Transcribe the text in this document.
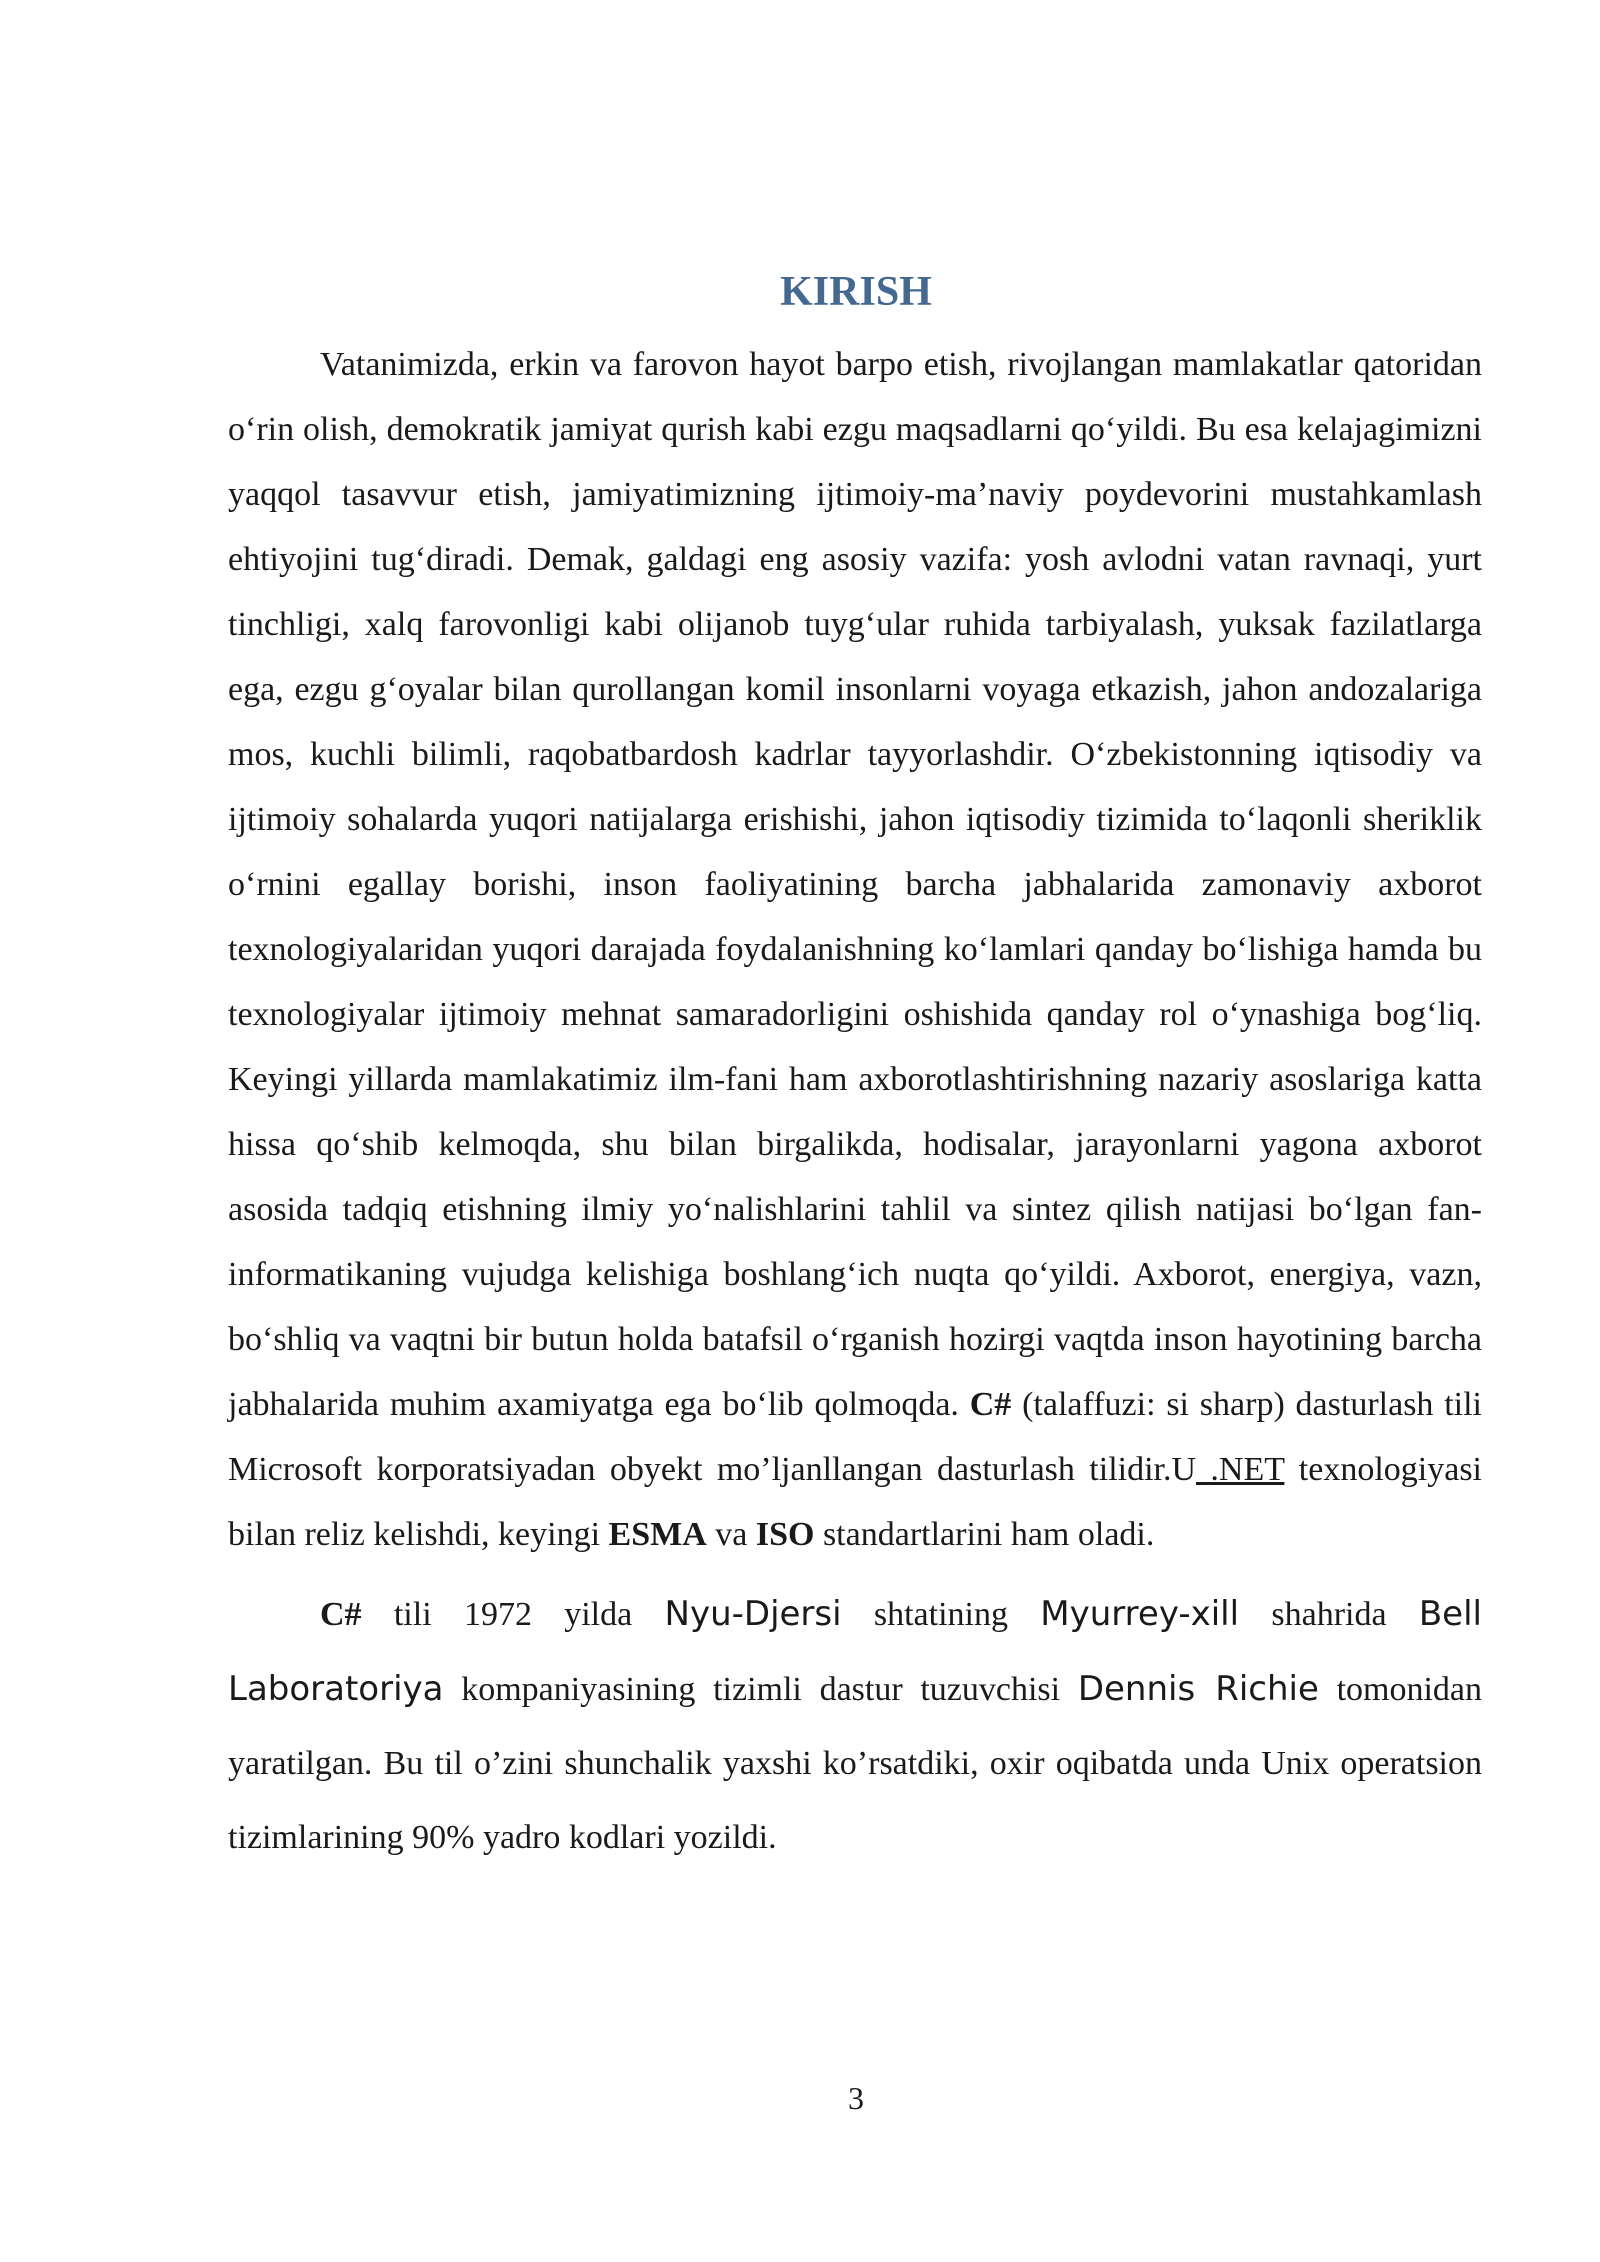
KIRISH

Vatanimizda, erkin va farovon hayot barpo etish, rivojlangan mamlakatlar qatoridan o‘rin olish, demokratik jamiyat qurish kabi ezgu maqsadlarni qo‘yildi. Bu esa kelajagimizni yaqqol tasavvur etish, jamiyatimizning ijtimoiy-ma’naviy poydevorini mustahkamlash ehtiyojini tug‘diradi. Demak, galdagi eng asosiy vazifa: yosh avlodni vatan ravnaqi, yurt tinchligi, xalq farovonligi kabi olijanob tuyg‘ular ruhida tarbiyalash, yuksak fazilatlarga ega, ezgu g‘oyalar bilan qurollangan komil insonlarni voyaga etkazish, jahon andozalariga mos, kuchli bilimli, raqobatbardosh kadrlar tayyorlashdir. O‘zbekistonning iqtisodiy va ijtimoiy sohalarda yuqori natijalarga erishishi, jahon iqtisodiy tizimida to‘laqonli sheriklik o‘rnini egallay borishi, inson faoliyatining barcha jabhalarida zamonaviy axborot texnologiyalaridan yuqori darajada foydalanishning ko‘lamlari qanday bo‘lishiga hamda bu texnologiyalar ijtimoiy mehnat samaradorligini oshishida qanday rol o‘ynashiga bog‘liq. Keyingi yillarda mamlakatimiz ilm-fani ham axborotlashtirishning nazariy asoslariga katta hissa qo‘shib kelmoqda, shu bilan birgalikda, hodisalar, jarayonlarni yagona axborot asosida tadqiq etishning ilmiy yo‘nalishlarini tahlil va sintez qilish natijasi bo‘lgan fan-informatikaning vujudga kelishiga boshlang‘ich nuqta qo‘yildi. Axborot, energiya, vazn, bo‘shliq va vaqtni bir butun holda batafsil o‘rganish hozirgi vaqtda inson hayotining barcha jabhalarida muhim axamiyatga ega bo‘lib qolmoqda. C# (talaffuzi: si sharp) dasturlash tili Microsoft korporatsiyadan obyekt mo’ljanllangan dasturlash tilidir.U .NET texnologiyasi bilan reliz kelishdi, keyingi ESMA va ISO standartlarini ham oladi.

C# tili 1972 yilda Nyu-Djersi shtatining Myurrey-xill shahrida Bell Laboratoriya kompaniyasining tizimli dastur tuzuvchisi Dennis Richie tomonidan yaratilgan. Bu til o’zini shunchalik yaxshi ko’rsatdiki, oxir oqibatda unda Unix operatsion tizimlarining 90% yadro kodlari yozildi.

3
